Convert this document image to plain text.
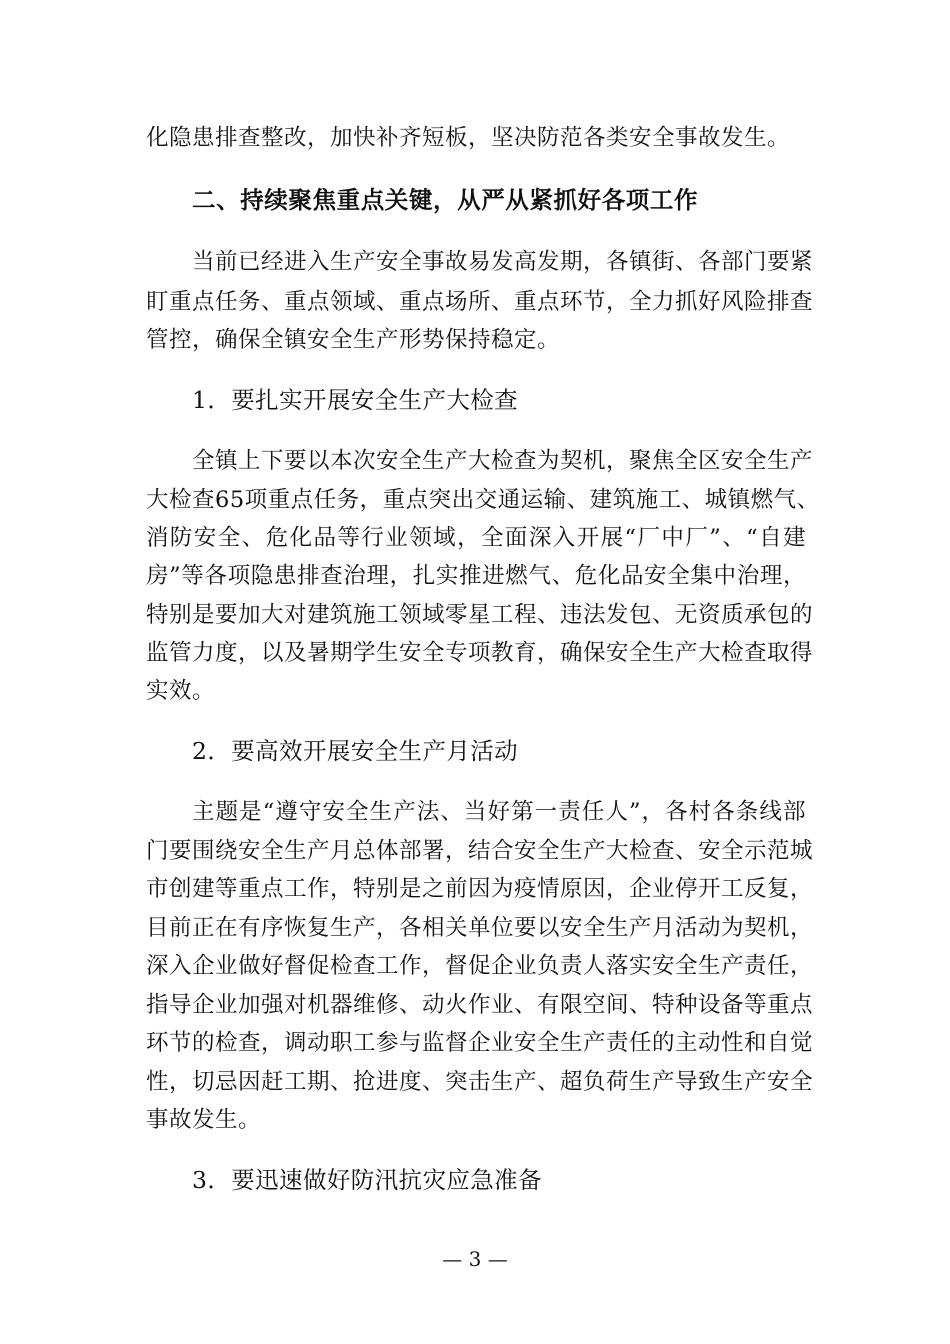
化隐患排查整改，加快补齐短板，坚决防范各类安全事故发生。
二、持续聚焦重点关键，从严从紧抓好各项工作
当前已经进入生产安全事故易发高发期，各镇街、各部门要紧
盯重点任务、重点领域、重点场所、重点环节，全力抓好风险排查
管控，确保全镇安全生产形势保持稳定。
1．要扎实开展安全生产大检查
全镇上下要以本次安全生产大检查为契机，聚焦全区安全生产
大检查65项重点任务，重点突出交通运输、建筑施工、城镇燃气、
消防安全、危化品等行业领域，全面深入开展“厂中厂”、“自建
房”等各项隐患排查治理，扎实推进燃气、危化品安全集中治理，
特别是要加大对建筑施工领域零星工程、违法发包、无资质承包的
监管力度，以及暑期学生安全专项教育，确保安全生产大检查取得
实效。
2．要高效开展安全生产月活动
主题是“遵守安全生产法、当好第一责任人”，各村各条线部
门要围绕安全生产月总体部署，结合安全生产大检查、安全示范城
市创建等重点工作，特别是之前因为疫情原因，企业停开工反复，
目前正在有序恢复生产，各相关单位要以安全生产月活动为契机，
深入企业做好督促检查工作，督促企业负责人落实安全生产责任，
指导企业加强对机器维修、动火作业、有限空间、特种设备等重点
环节的检查，调动职工参与监督企业安全生产责任的主动性和自觉
性，切忌因赶工期、抢进度、突击生产、超负荷生产导致生产安全
事故发生。
3．要迅速做好防汛抗灾应急准备
— 3 —
